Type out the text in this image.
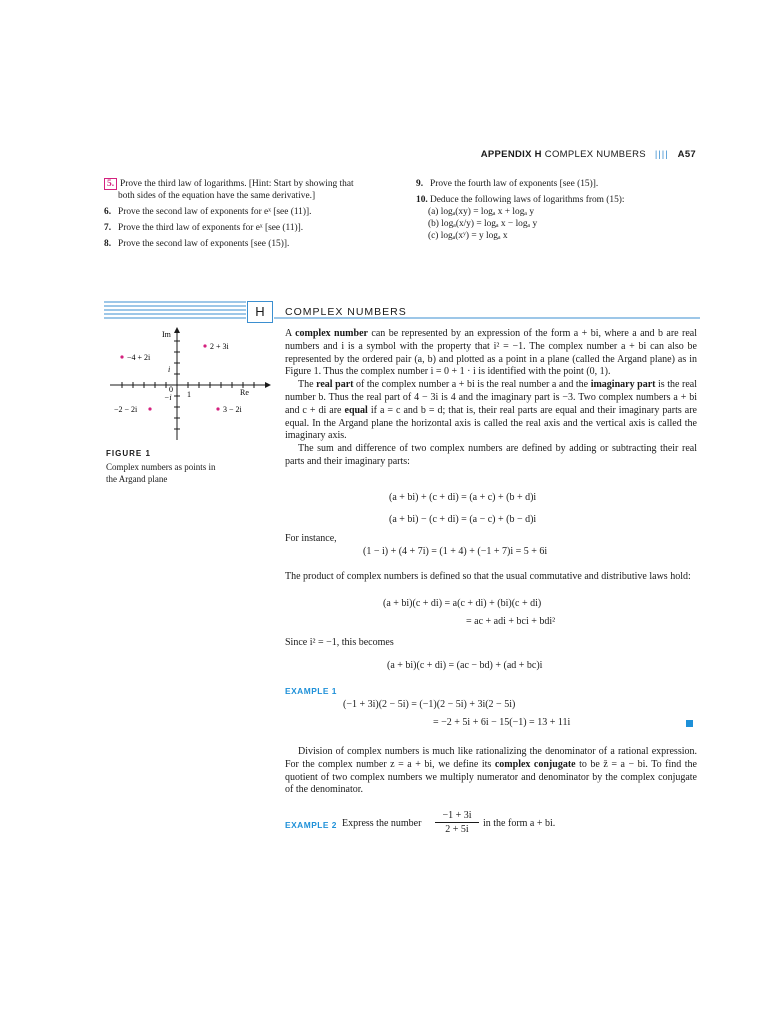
APPENDIX H COMPLEX NUMBERS |||| A57
5. Prove the third law of logarithms. [Hint: Start by showing that
both sides of the equation have the same derivative.]
6. Prove the second law of exponents for eˣ [see (11)].
7. Prove the third law of exponents for eˣ [see (11)].
8. Prove the second law of exponents [see (15)].
9. Prove the fourth law of exponents [see (15)].
10. Deduce the following laws of logarithms from (15):
(a) logₐ(xy) = logₐ x + logₐ y
(b) logₐ(x/y) = logₐ x − logₐ y
(c) logₐ(xʸ) = y logₐ x
H	COMPLEX NUMBERS
Im
Re
i
−i
0
1
2 + 3i
−4 + 2i
−2 − 2i	3 − 2i
FIGURE 1
Complex numbers as points in
the Argand plane

A complex number can be represented by an expression of the form a + bi, where a and b are real numbers and i is a symbol with the property that i² = −1. The complex number a + bi can also be represented by the ordered pair (a, b) and plotted as a point in a plane (called the Argand plane) as in Figure 1. Thus the complex number i = 0 + 1 · i is identified with the point (0, 1).

The real part of the complex number a + bi is the real number a and the imaginary part is the real number b. Thus the real part of 4 − 3i is 4 and the imaginary part is −3. Two complex numbers a + bi and c + di are equal if a = c and b = d; that is, their real parts are equal and their imaginary parts are equal. In the Argand plane the horizontal axis is called the real axis and the vertical axis is called the imaginary axis.

The sum and difference of two complex numbers are defined by adding or subtracting their real parts and their imaginary parts:

(a + bi) + (c + di) = (a + c) + (b + d)i
(a + bi) − (c + di) = (a − c) + (b − d)i
For instance,
(1 − i) + (4 + 7i) = (1 + 4) + (−1 + 7)i = 5 + 6i
The product of complex numbers is defined so that the usual commutative and distributive laws hold:
(a + bi)(c + di) = a(c + di) + (bi)(c + di)
= ac + adi + bci + bdi²
Since i² = −1, this becomes
(a + bi)(c + di) = (ac − bd) + (ad + bc)i
EXAMPLE 1
(−1 + 3i)(2 − 5i) = (−1)(2 − 5i) + 3i(2 − 5i)
= −2 + 5i + 6i − 15(−1) = 13 + 11i

Division of complex numbers is much like rationalizing the denominator of a rational expression. For the complex number z = a + bi, we define its complex conjugate to be z̄ = a − bi. To find the quotient of two complex numbers we multiply numerator and denominator by the complex conjugate of the denominator.

EXAMPLE 2 Express the number $\frac{-1 + 3i}{2 + 5i}$ in the form a + bi.
